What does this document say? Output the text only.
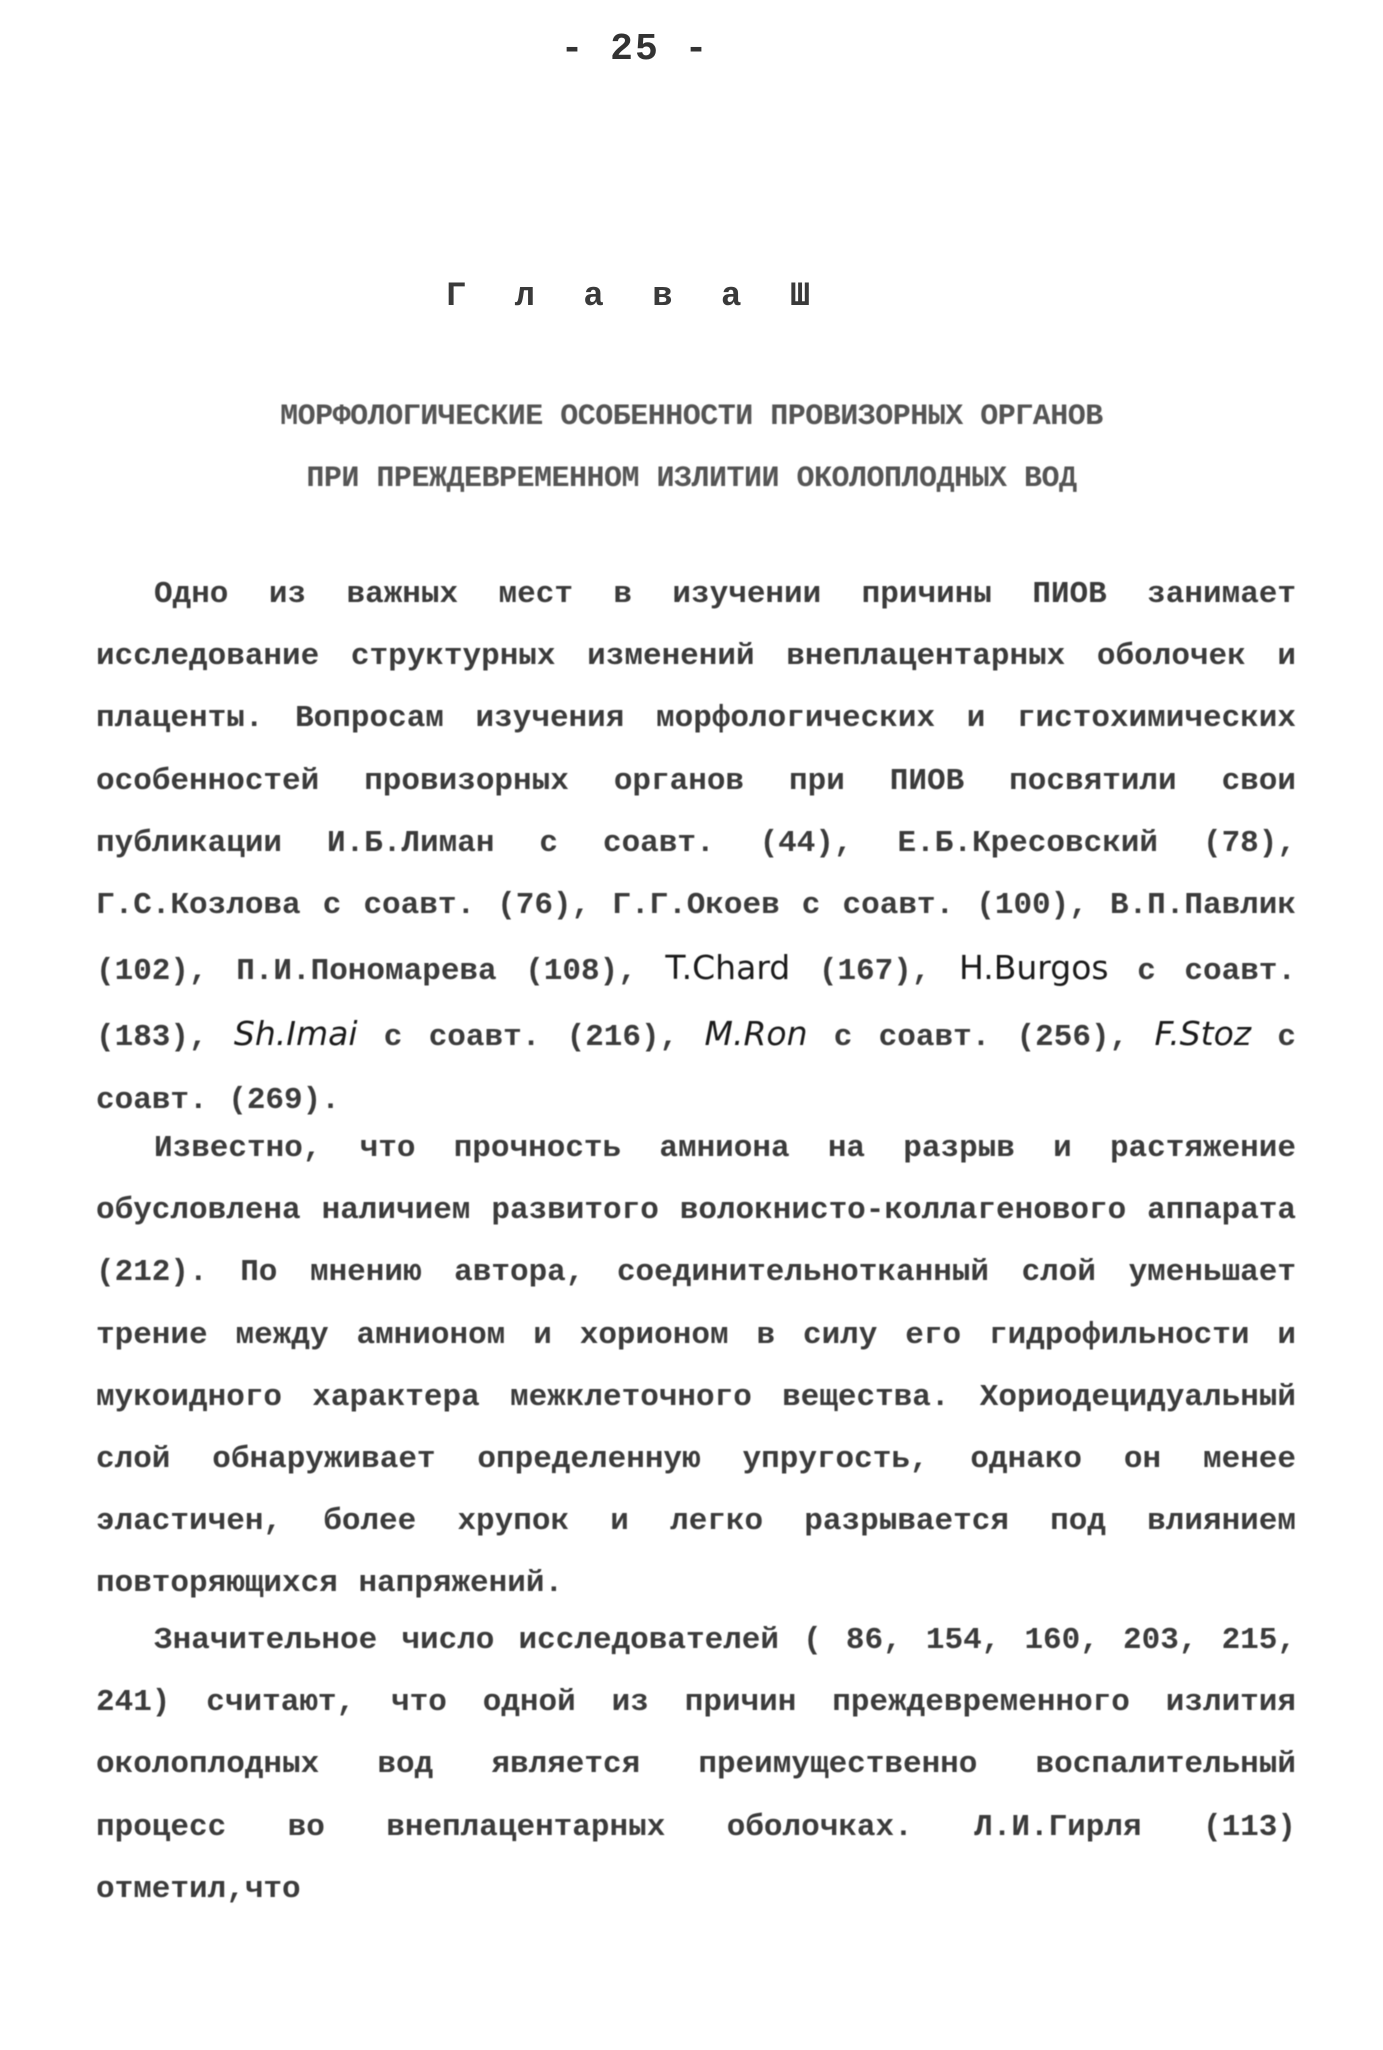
- 25 -
Г л а в а Ш
МОРФОЛОГИЧЕСКИЕ ОСОБЕННОСТИ ПРОВИЗОРНЫХ ОРГАНОВ
ПРИ ПРЕЖДЕВРЕМЕННОМ ИЗЛИТИИ ОКОЛОПЛОДНЫХ ВОД

Одно из важных мест в изучении причины ПИОВ занимает исследование структурных изменений внеплацентарных оболочек и плаценты. Вопросам изучения морфологических и гистохимических особенностей провизорных органов при ПИОВ посвятили свои публикации И.Б.Лиман с соавт. (44), Е.Б.Кресовский (78), Г.С.Козлова с соавт. (76), Г.Г.Окоев с соавт. (100), В.П.Павлик (102), П.И.Пономарева (108), T.Chard (167), H.Burgos с соавт. (183), Sh.Imai с соавт. (216), M.Ron с соавт. (256), F.Stoz с соавт. (269).

Известно, что прочность амниона на разрыв и растяжение обусловлена наличием развитого волокнисто-коллагенового аппарата (212). По мнению автора, соединительнотканный слой уменьшает трение между амнионом и хорионом в силу его гидрофильности и мукоидного характера межклеточного вещества. Хориодецидуальный слой обнаруживает определенную упругость, однако он менее эластичен, более хрупок и легко разрывается под влиянием повторяющихся напряжений.

Значительное число исследователей ( 86, 154, 160, 203, 215, 241) считают, что одной из причин преждевременного излития околоплодных вод является преимущественно воспалительный процесс во внеплацентарных оболочках. Л.И.Гирля (113) отметил,что
